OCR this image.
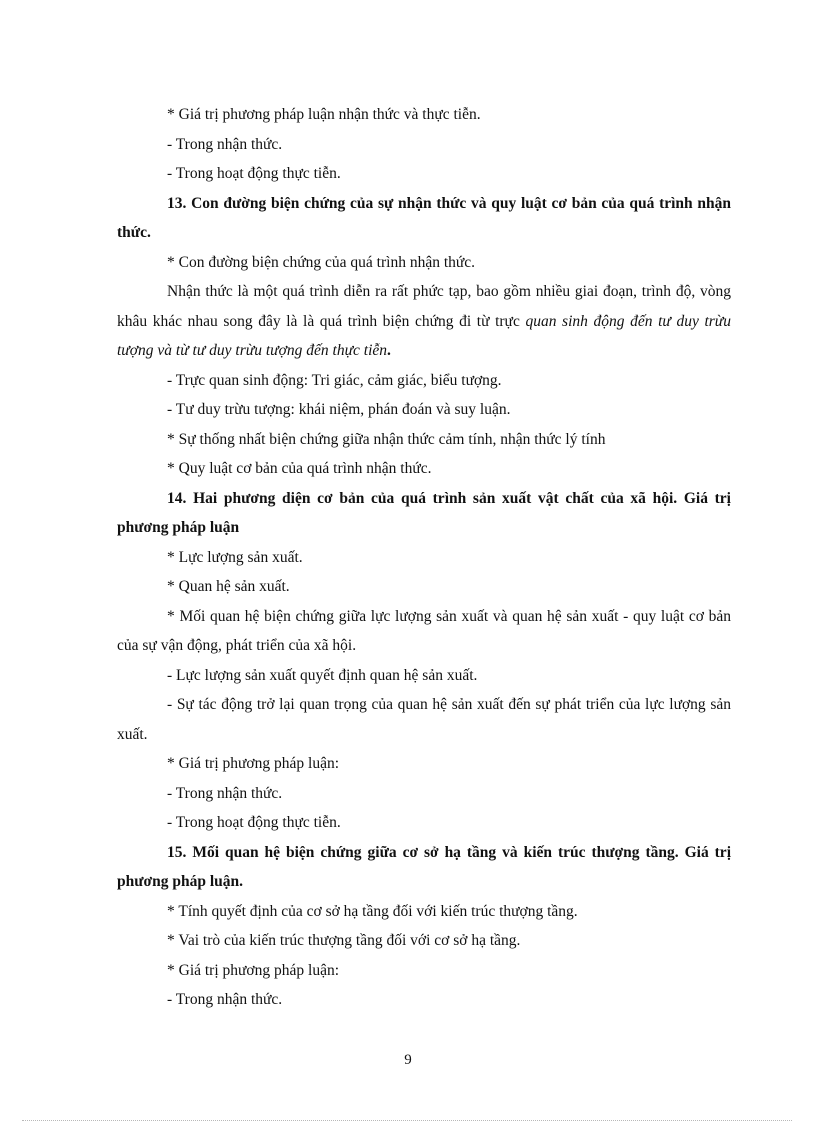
* Giá trị phương pháp luận nhận thức và thực tiễn.

- Trong nhận thức.

- Trong hoạt động thực tiễn.

13. Con đường biện chứng của sự nhận thức và quy luật cơ bản của quá trình nhận thức.

* Con đường biện chứng của quá trình nhận thức.

Nhận thức là một quá trình diễn ra rất phức tạp, bao gồm nhiều giai đoạn, trình độ, vòng khâu khác nhau song đây là là quá trình biện chứng đi từ trực quan sinh động đến tư duy trừu tượng và từ tư duy trừu tượng đến thực tiễn.

- Trực quan sinh động: Tri giác, cảm giác, biểu tượng.

- Tư duy trừu tượng: khái niệm, phán đoán và suy luận.

* Sự thống nhất biện chứng giữa nhận thức cảm tính, nhận thức lý tính

* Quy luật cơ bản của quá trình nhận thức.

14. Hai phương diện cơ bản của quá trình sản xuất vật chất của xã hội. Giá trị phương pháp luận

* Lực lượng sản xuất.

* Quan hệ sản xuất.

* Mối quan hệ biện chứng giữa lực lượng sản xuất và quan hệ sản xuất - quy luật cơ bản của sự vận động, phát triển của xã hội.

- Lực lượng sản xuất quyết định quan hệ sản xuất.

- Sự tác động trở lại quan trọng của quan hệ sản xuất đến sự phát triển của lực lượng sản xuất.

* Giá trị phương pháp luận:

- Trong nhận thức.

- Trong hoạt động thực tiễn.

15. Mối quan hệ biện chứng giữa cơ sở hạ tầng và kiến trúc thượng tầng. Giá trị phương pháp luận.

* Tính quyết định của cơ sở hạ tầng đối với kiến trúc thượng tầng.

* Vai trò của kiến trúc thượng tầng đối với cơ sở hạ tầng.

* Giá trị phương pháp luận:

- Trong nhận thức.

9
